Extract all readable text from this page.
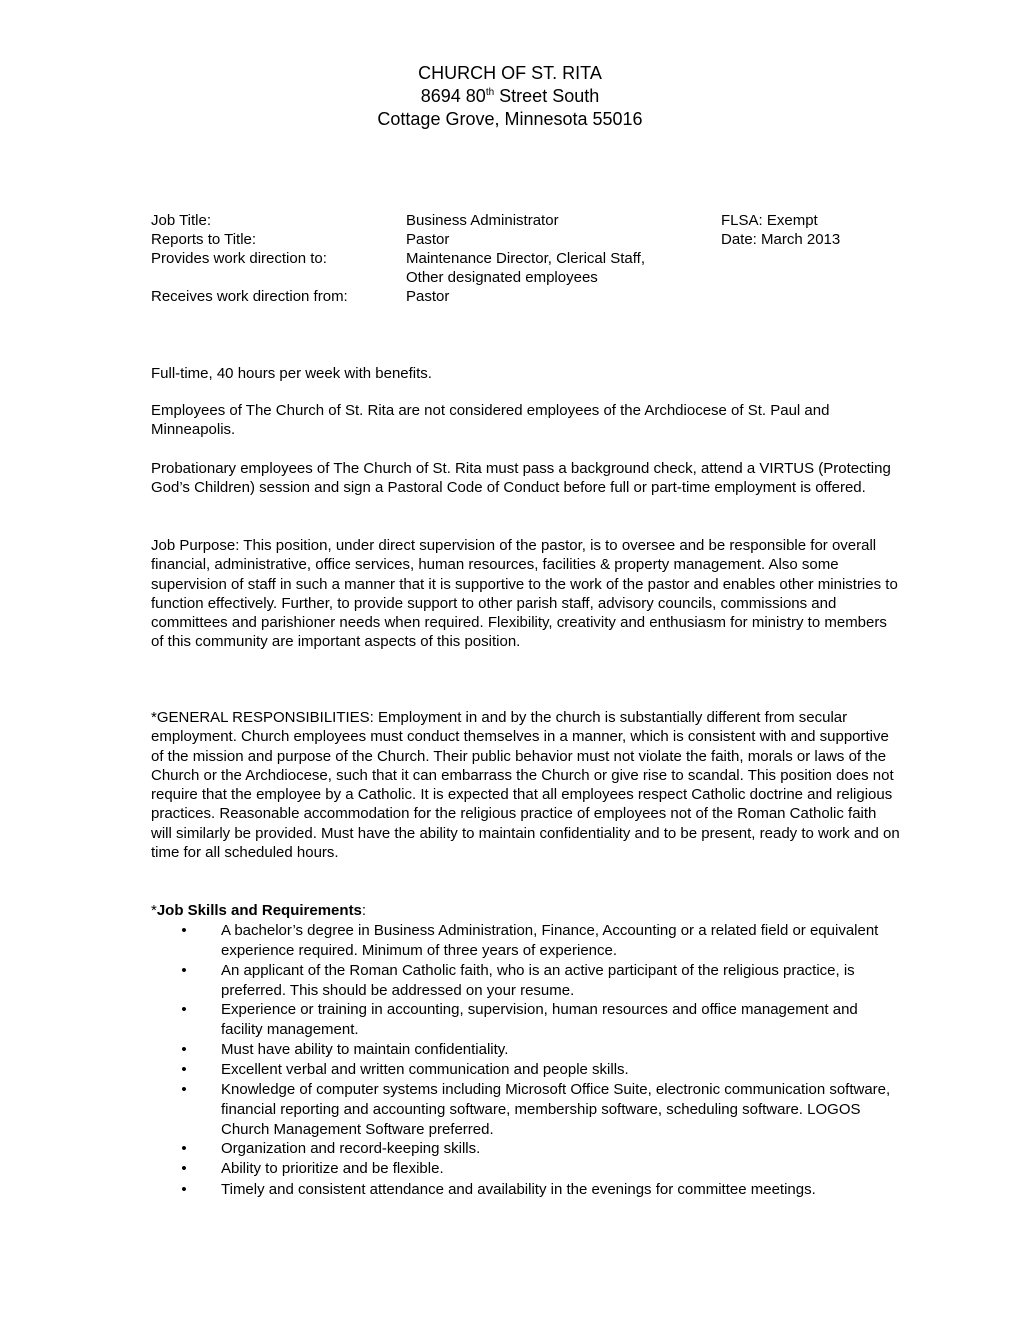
CHURCH OF ST. RITA
8694 80th Street South
Cottage Grove, Minnesota 55016
Job Title:	Business Administrator	FLSA: Exempt
Reports to Title:	Pastor	Date: March 2013
Provides work direction to:	Maintenance Director, Clerical Staff,
Other designated employees
Receives work direction from:	Pastor

Full-time, 40 hours per week with benefits.

Employees of The Church of St. Rita are not considered employees of the Archdiocese of St. Paul and Minneapolis.

Probationary employees of The Church of St. Rita must pass a background check, attend a VIRTUS (Protecting God’s Children) session and sign a Pastoral Code of Conduct before full or part-time employment is offered.

Job Purpose: This position, under direct supervision of the pastor, is to oversee and be responsible for overall financial, administrative, office services, human resources, facilities & property management. Also some supervision of staff in such a manner that it is supportive to the work of the pastor and enables other ministries to function effectively. Further, to provide support to other parish staff, advisory councils, commissions and committees and parishioner needs when required. Flexibility, creativity and enthusiasm for ministry to members of this community are important aspects of this position.

*GENERAL RESPONSIBILITIES: Employment in and by the church is substantially different from secular employment. Church employees must conduct themselves in a manner, which is consistent with and supportive of the mission and purpose of the Church. Their public behavior must not violate the faith, morals or laws of the Church or the Archdiocese, such that it can embarrass the Church or give rise to scandal. This position does not require that the employee by a Catholic. It is expected that all employees respect Catholic doctrine and religious practices. Reasonable accommodation for the religious practice of employees not of the Roman Catholic faith will similarly be provided. Must have the ability to maintain confidentiality and to be present, ready to work and on time for all scheduled hours.

*Job Skills and Requirements:
• A bachelor’s degree in Business Administration, Finance, Accounting or a related field or equivalent experience required. Minimum of three years of experience.
• An applicant of the Roman Catholic faith, who is an active participant of the religious practice, is preferred. This should be addressed on your resume.
• Experience or training in accounting, supervision, human resources and office management and facility management.
• Must have ability to maintain confidentiality.
• Excellent verbal and written communication and people skills.
• Knowledge of computer systems including Microsoft Office Suite, electronic communication software, financial reporting and accounting software, membership software, scheduling software. LOGOS Church Management Software preferred.
• Organization and record-keeping skills.
• Ability to prioritize and be flexible.
• Timely and consistent attendance and availability in the evenings for committee meetings.
